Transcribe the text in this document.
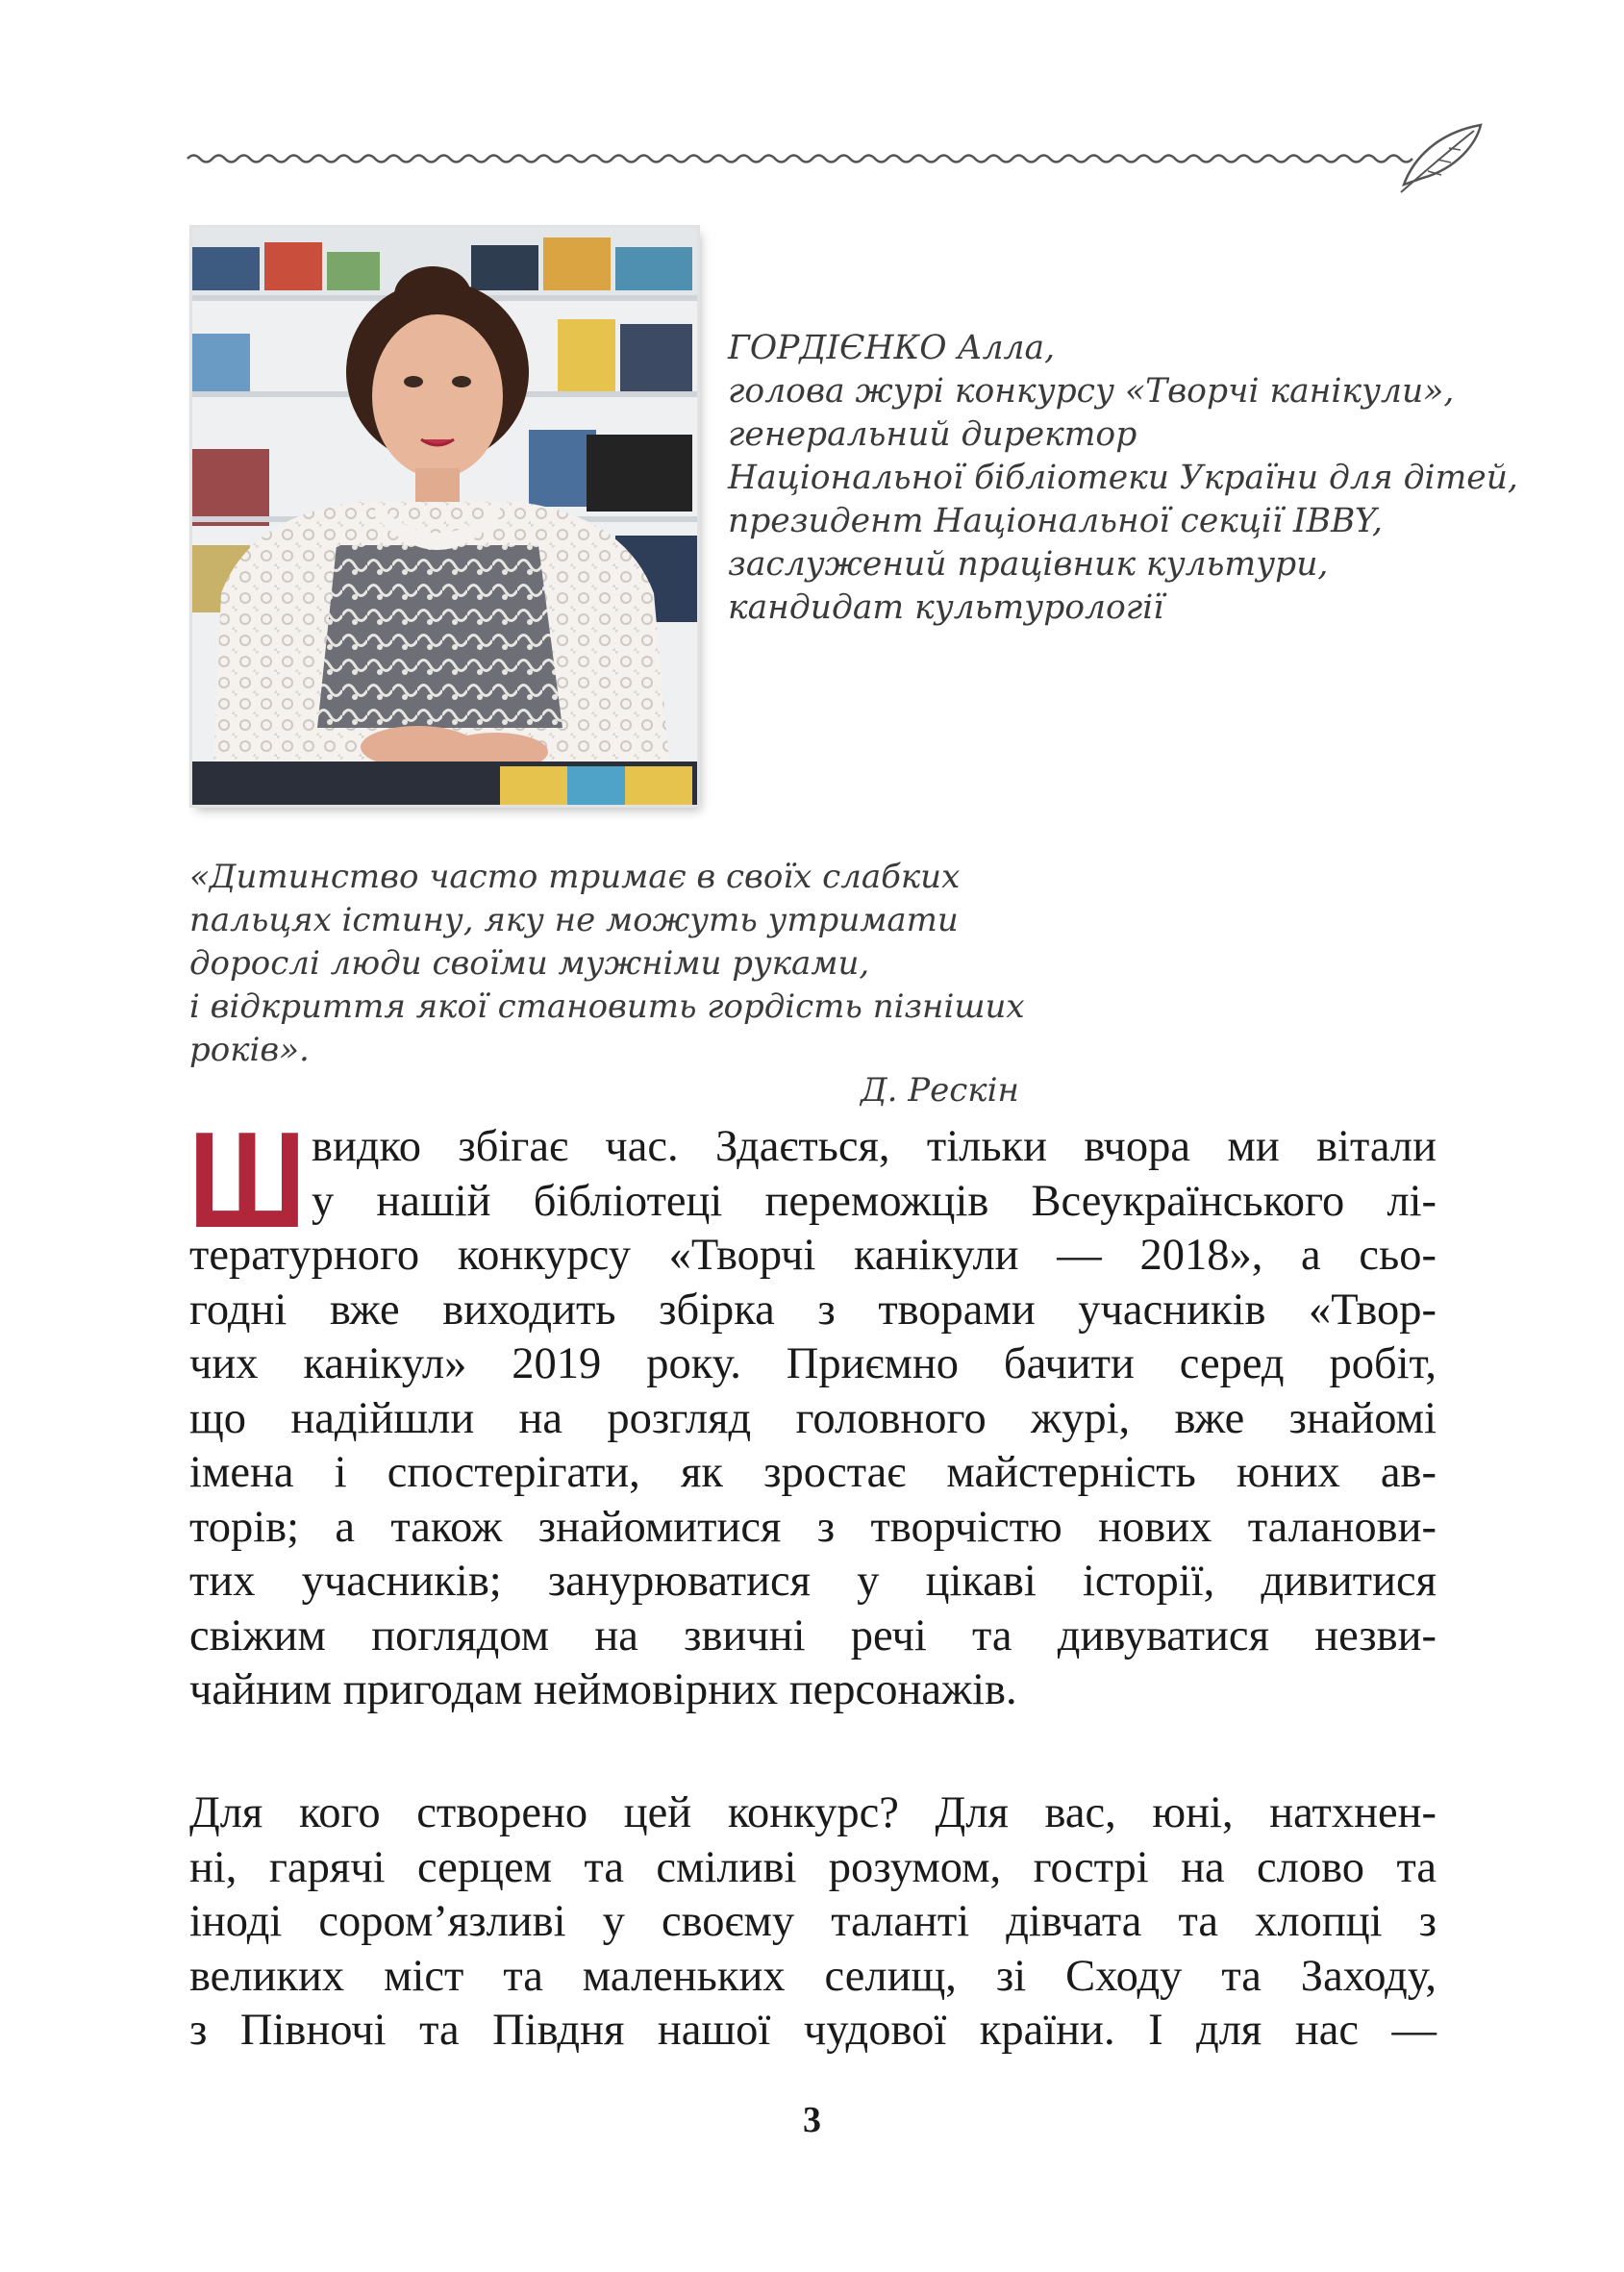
ГОРДІЄНКО Алла,
голова журі конкурсу «Творчі канікули»,
генеральний директор
Національної бібліотеки України для дітей,
президент Національної секції IBBY,
заслужений працівник культури,
кандидат культурології
«Дитинство часто тримає в своїх слабких
пальцях істину, яку не можуть утримати
дорослі люди своїми мужніми руками,
і відкриття якої становить гордість пізніших
років».
Д. Рескін
Ш видко збігає час. Здається, тільки вчора ми вітали
у нашій бібліотеці переможців Всеукраїнського лі-
тературного конкурсу «Творчі канікули — 2018», а сьо-
годні вже виходить збірка з творами учасників «Твор-
чих канікул» 2019 року. Приємно бачити серед робіт,
що надійшли на розгляд головного журі, вже знайомі
імена і спостерігати, як зростає майстерність юних ав-
торів; а також знайомитися з творчістю нових таланови-
тих учасників; занурюватися у цікаві історії, дивитися
свіжим поглядом на звичні речі та дивуватися незви-
чайним пригодам неймовірних персонажів.
Для кого створено цей конкурс? Для вас, юні, натхнен-
ні, гарячі серцем та сміливі розумом, гострі на слово та
іноді сором’язливі у своєму таланті дівчата та хлопці з
великих міст та маленьких селищ, зі Сходу та Заходу,
з Півночі та Півдня нашої чудової країни. І для нас —
3
